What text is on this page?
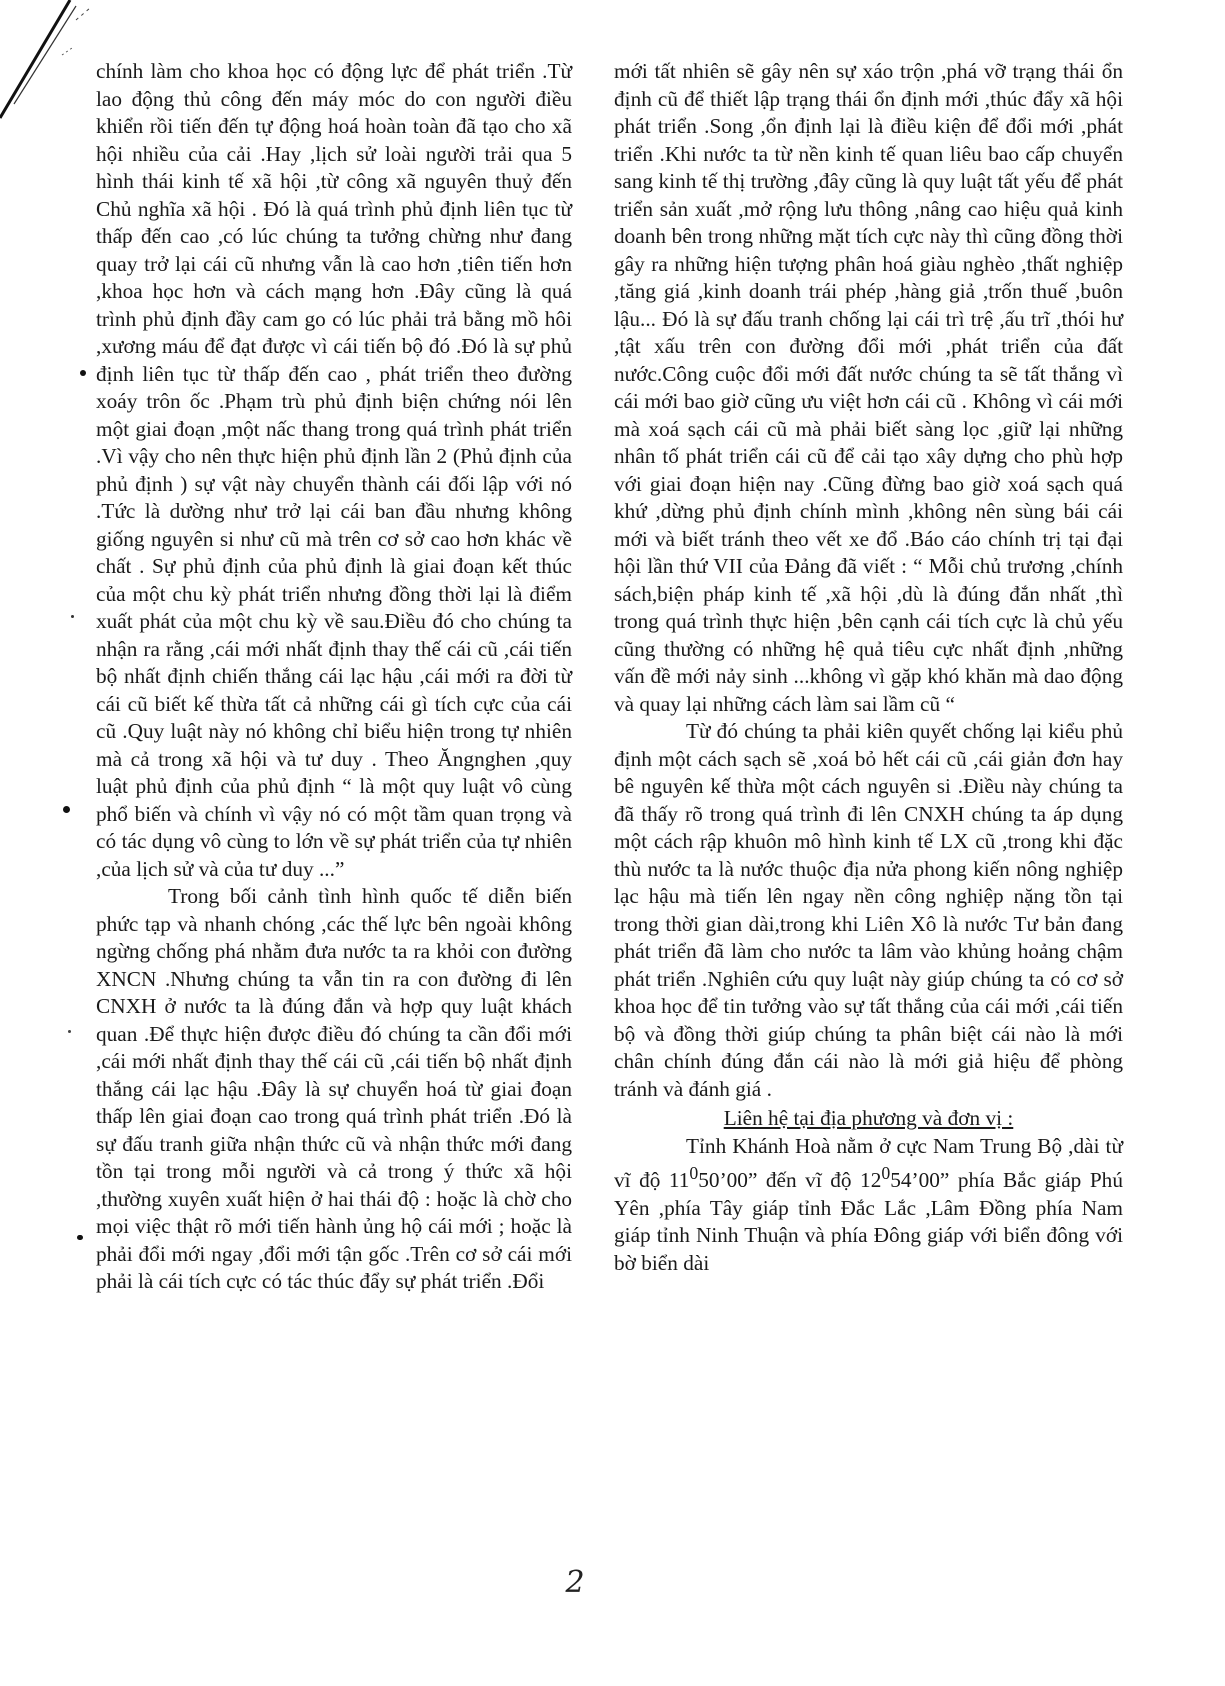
chính làm cho khoa học có động lực để phát triển .Từ lao động thủ công đến máy móc do con người điều khiển rồi tiến đến tự động hoá hoàn toàn đã tạo cho xã hội nhiều của cải .Hay ,lịch sử loài người trải qua 5 hình thái kinh tế xã hội ,từ công xã nguyên thuỷ đến Chủ nghĩa xã hội . Đó là quá trình phủ định liên tục từ thấp đến cao ,có lúc chúng ta tưởng chừng như đang quay trở lại cái cũ nhưng vẫn là cao hơn ,tiên tiến hơn ,khoa học hơn và cách mạng hơn .Đây cũng là quá trình phủ định đầy cam go có lúc phải trả bằng mồ hôi ,xương máu để đạt được vì cái tiến bộ đó .Đó là sự phủ định liên tục từ thấp đến cao , phát triển theo đường xoáy trôn ốc .Phạm trù phủ định biện chứng nói lên một giai đoạn ,một nấc thang trong quá trình phát triển .Vì vậy cho nên thực hiện phủ định lần 2 (Phủ định của phủ định ) sự vật này chuyển thành cái đối lập với nó .Tức là dường như trở lại cái ban đầu nhưng không giống nguyên si như cũ mà trên cơ sở cao hơn khác về chất . Sự phủ định của phủ định là giai đoạn kết thúc của một chu kỳ phát triển nhưng đồng thời lại là điểm xuất phát của một chu kỳ về sau.Điều đó cho chúng ta nhận ra rằng ,cái mới nhất định thay thế cái cũ ,cái tiến bộ nhất định chiến thắng cái lạc hậu ,cái mới ra đời từ cái cũ biết kế thừa tất cả những cái gì tích cực của cái cũ .Quy luật này nó không chỉ biểu hiện trong tự nhiên mà cả trong xã hội và tư duy . Theo Ăngnghen ,quy luật phủ định của phủ định “ là một quy luật vô cùng phổ biến và chính vì vậy nó có một tầm quan trọng và có tác dụng vô cùng to lớn về sự phát triển của tự nhiên ,của lịch sử và của tư duy ...”

Trong bối cảnh tình hình quốc tế diễn biến phức tạp và nhanh chóng ,các thế lực bên ngoài không ngừng chống phá nhằm đưa nước ta ra khỏi con đường XNCN .Nhưng chúng ta vẫn tin ra con đường đi lên CNXH ở nước ta là đúng đắn và hợp quy luật khách quan .Để thực hiện được điều đó chúng ta cần đổi mới ,cái mới nhất định thay thế cái cũ ,cái tiến bộ nhất định thắng cái lạc hậu .Đây là sự chuyển hoá từ giai đoạn thấp lên giai đoạn cao trong quá trình phát triển .Đó là sự đấu tranh giữa nhận thức cũ và nhận thức mới đang tồn tại trong mỗi người và cả trong ý thức xã hội ,thường xuyên xuất hiện ở hai thái độ : hoặc là chờ cho mọi việc thật rõ mới tiến hành ủng hộ cái mới ; hoặc là phải đổi mới ngay ,đổi mới tận gốc .Trên cơ sở cái mới phải là cái tích cực có tác thúc đẩy sự phát triển .Đổi

mới tất nhiên sẽ gây nên sự xáo trộn ,phá vỡ trạng thái ổn định cũ để thiết lập trạng thái ổn định mới ,thúc đẩy xã hội phát triển .Song ,ổn định lại là điều kiện để đổi mới ,phát triển .Khi nước ta từ nền kinh tế quan liêu bao cấp chuyển sang kinh tế thị trường ,đây cũng là quy luật tất yếu để phát triển sản xuất ,mở rộng lưu thông ,nâng cao hiệu quả kinh doanh bên trong những mặt tích cực này thì cũng đồng thời gây ra những hiện tượng phân hoá giàu nghèo ,thất nghiệp ,tăng giá ,kinh doanh trái phép ,hàng giả ,trốn thuế ,buôn lậu... Đó là sự đấu tranh chống lại cái trì trệ ,ấu trĩ ,thói hư ,tật xấu trên con đường đổi mới ,phát triển của đất nước.Công cuộc đổi mới đất nước chúng ta sẽ tất thắng vì cái mới bao giờ cũng ưu việt hơn cái cũ . Không vì cái mới mà xoá sạch cái cũ mà phải biết sàng lọc ,giữ lại những nhân tố phát triển cái cũ để cải tạo xây dựng cho phù hợp với giai đoạn hiện nay .Cũng đừng bao giờ xoá sạch quá khứ ,dừng phủ định chính mình ,không nên sùng bái cái mới và biết tránh theo vết xe đổ .Báo cáo chính trị tại đại hội lần thứ VII của Đảng đã viết : “ Mỗi chủ trương ,chính sách,biện pháp kinh tế ,xã hội ,dù là đúng đắn nhất ,thì trong quá trình thực hiện ,bên cạnh cái tích cực là chủ yếu cũng thường có những hệ quả tiêu cực nhất định ,những vấn đề mới nảy sinh ...không vì gặp khó khăn mà dao động và quay lại những cách làm sai lầm cũ “

Từ đó chúng ta phải kiên quyết chống lại kiểu phủ định một cách sạch sẽ ,xoá bỏ hết cái cũ ,cái giản đơn hay bê nguyên kế thừa một cách nguyên si .Điều này chúng ta đã thấy rõ trong quá trình đi lên CNXH chúng ta áp dụng một cách rập khuôn mô hình kinh tế LX cũ ,trong khi đặc thù nước ta là nước thuộc địa nửa phong kiến nông nghiệp lạc hậu mà tiến lên ngay nền công nghiệp nặng tồn tại trong thời gian dài,trong khi Liên Xô là nước Tư bản đang phát triển đã làm cho nước ta lâm vào khủng hoảng chậm phát triển .Nghiên cứu quy luật này giúp chúng ta có cơ sở khoa học để tin tưởng vào sự tất thắng của cái mới ,cái tiến bộ và đồng thời giúp chúng ta phân biệt cái nào là mới chân chính đúng đắn cái nào là mới giả hiệu để phòng tránh và đánh giá .

Liên hệ tại địa phương và đơn vị :

Tỉnh Khánh Hoà nằm ở cực Nam Trung Bộ ,dài từ vĩ độ $11^050’00$” đến vĩ độ $12^054’00$” phía Bắc giáp Phú Yên ,phía Tây giáp tỉnh Đắc Lắc ,Lâm Đồng phía Nam giáp tỉnh Ninh Thuận và phía Đông giáp với biển đông với bờ biển dài

2
